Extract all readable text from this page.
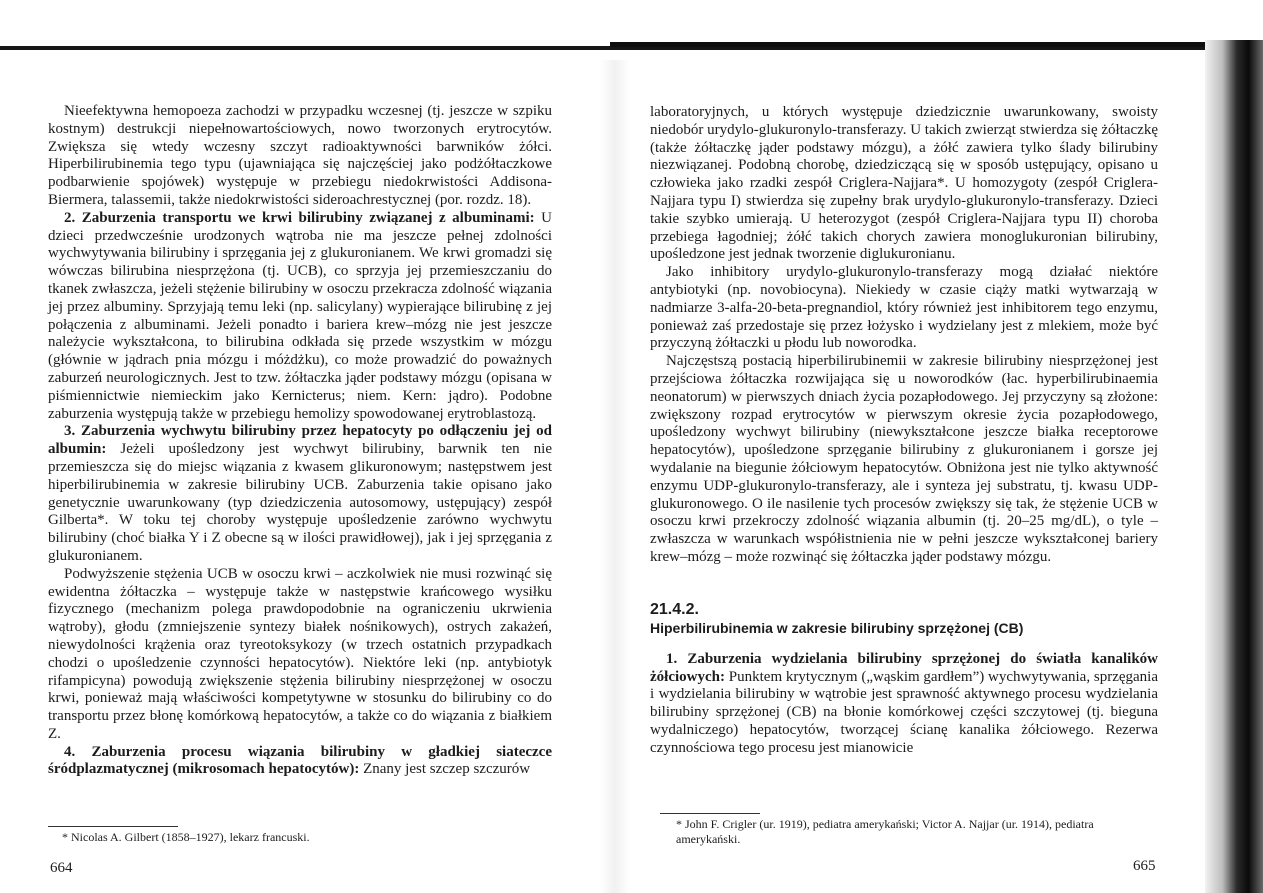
Nieefektywna hemopoeza zachodzi w przypadku wczesnej (tj. jeszcze w szpiku kostnym) destrukcji niepełnowartościowych, nowo tworzonych erytrocytów. Zwiększa się wtedy wczesny szczyt radioaktywności barwników żółci. Hiperbilirubinemia tego typu (ujawniająca się najczęściej jako podżółtaczkowe podbarwienie spojówek) występuje w przebiegu niedokrwistości Addisona-Biermera, talassemii, także niedokrwistości sideroachrestycznej (por. rozdz. 18).

2. Zaburzenia transportu we krwi bilirubiny związanej z albuminami: U dzieci przedwcześnie urodzonych wątroba nie ma jeszcze pełnej zdolności wychwytywania bilirubiny i sprzęgania jej z glukuronianem. We krwi gromadzi się wówczas bilirubina niesprzężona (tj. UCB), co sprzyja jej przemieszczaniu do tkanek zwłaszcza, jeżeli stężenie bilirubiny w osoczu przekracza zdolność wiązania jej przez albuminy. Sprzyjają temu leki (np. salicylany) wypierające bilirubinę z jej połączenia z albuminami. Jeżeli ponadto i bariera krew–mózg nie jest jeszcze należycie wykształcona, to bilirubina odkłada się przede wszystkim w mózgu (głównie w jądrach pnia mózgu i móżdżku), co może prowadzić do poważnych zaburzeń neurologicznych. Jest to tzw. żółtaczka jąder podstawy mózgu (opisana w piśmiennictwie niemieckim jako Kernicterus; niem. Kern: jądro). Podobne zaburzenia występują także w przebiegu hemolizy spowodowanej erytroblastozą.

3. Zaburzenia wychwytu bilirubiny przez hepatocyty po odłączeniu jej od albumin: Jeżeli upośledzony jest wychwyt bilirubiny, barwnik ten nie przemieszcza się do miejsc wiązania z kwasem glikuronowym; następstwem jest hiperbilirubinemia w zakresie bilirubiny UCB. Zaburzenia takie opisano jako genetycznie uwarunkowany (typ dziedziczenia autosomowy, ustępujący) zespół Gilberta*. W toku tej choroby występuje upośledzenie zarówno wychwytu bilirubiny (choć białka Y i Z obecne są w ilości prawidłowej), jak i jej sprzęgania z glukuronianem.

Podwyższenie stężenia UCB w osoczu krwi – aczkolwiek nie musi rozwinąć się ewidentna żółtaczka – występuje także w następstwie krańcowego wysiłku fizycznego (mechanizm polega prawdopodobnie na ograniczeniu ukrwienia wątroby), głodu (zmniejszenie syntezy białek nośnikowych), ostrych zakażeń, niewydolności krążenia oraz tyreotoksykozy (w trzech ostatnich przypadkach chodzi o upośledzenie czynności hepatocytów). Niektóre leki (np. antybiotyk rifampicyna) powodują zwiększenie stężenia bilirubiny niesprzężonej w osoczu krwi, ponieważ mają właściwości kompetytywne w stosunku do bilirubiny co do transportu przez błonę komórkową hepatocytów, a także co do wiązania z białkiem Z.

4. Zaburzenia procesu wiązania bilirubiny w gładkiej siateczce śródplazmatycznej (mikrosomach hepatocytów): Znany jest szczep szczurów

* Nicolas A. Gilbert (1858–1927), lekarz francuski.
664

laboratoryjnych, u których występuje dziedzicznie uwarunkowany, swoisty niedobór urydylo-glukuronylo-transferazy. U takich zwierząt stwierdza się żółtaczkę (także żółtaczkę jąder podstawy mózgu), a żółć zawiera tylko ślady bilirubiny niezwiązanej. Podobną chorobę, dziedziczącą się w sposób ustępujący, opisano u człowieka jako rzadki zespół Criglera-Najjara*. U homozygoty (zespół Criglera-Najjara typu I) stwierdza się zupełny brak urydylo-glukuronylo-transferazy. Dzieci takie szybko umierają. U heterozygot (zespół Criglera-Najjara typu II) choroba przebiega łagodniej; żółć takich chorych zawiera monoglukuronian bilirubiny, upośledzone jest jednak tworzenie diglukuronianu.

Jako inhibitory urydylo-glukuronylo-transferazy mogą działać niektóre antybiotyki (np. novobiocyna). Niekiedy w czasie ciąży matki wytwarzają w nadmiarze 3-alfa-20-beta-pregnandiol, który również jest inhibitorem tego enzymu, ponieważ zaś przedostaje się przez łożysko i wydzielany jest z mlekiem, może być przyczyną żółtaczki u płodu lub noworodka.

Najczęstszą postacią hiperbilirubinemii w zakresie bilirubiny niesprzężonej jest przejściowa żółtaczka rozwijająca się u noworodków (łac. hyperbilirubinaemia neonatorum) w pierwszych dniach życia pozapłodowego. Jej przyczyny są złożone: zwiększony rozpad erytrocytów w pierwszym okresie życia pozapłodowego, upośledzony wychwyt bilirubiny (niewykształcone jeszcze białka receptorowe hepatocytów), upośledzone sprzęganie bilirubiny z glukuronianem i gorsze jej wydalanie na biegunie żółciowym hepatocytów. Obniżona jest nie tylko aktywność enzymu UDP-glukuronylo-transferazy, ale i synteza jej substratu, tj. kwasu UDP-glukuronowego. O ile nasilenie tych procesów zwiększy się tak, że stężenie UCB w osoczu krwi przekroczy zdolność wiązania albumin (tj. 20–25 mg/dL), o tyle – zwłaszcza w warunkach współistnienia nie w pełni jeszcze wykształconej bariery krew–mózg – może rozwinąć się żółtaczka jąder podstawy mózgu.

21.4.2.
Hiperbilirubinemia w zakresie bilirubiny sprzężonej (CB)

1. Zaburzenia wydzielania bilirubiny sprzężonej do światła kanalików żółciowych: Punktem krytycznym („wąskim gardłem”) wychwytywania, sprzęgania i wydzielania bilirubiny w wątrobie jest sprawność aktywnego procesu wydzielania bilirubiny sprzężonej (CB) na błonie komórkowej części szczytowej (tj. bieguna wydalniczego) hepatocytów, tworzącej ścianę kanalika żółciowego. Rezerwa czynnościowa tego procesu jest mianowicie

* John F. Crigler (ur. 1919), pediatra amerykański; Victor A. Najjar (ur. 1914), pediatra amerykański.
665
